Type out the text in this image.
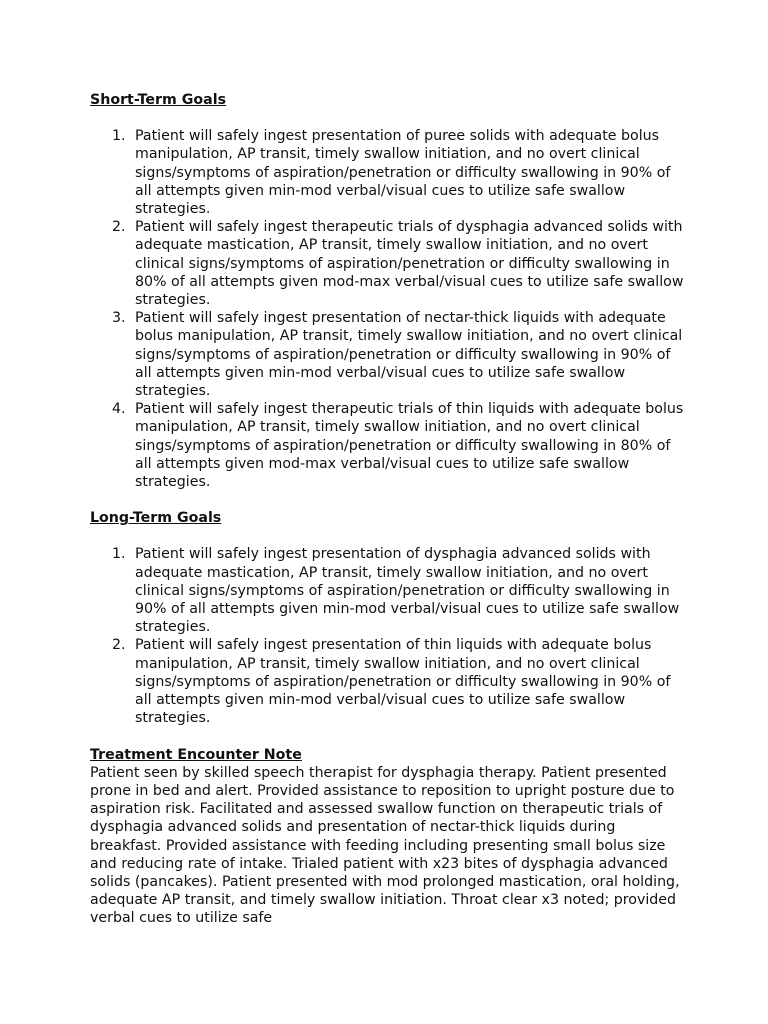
Short-Term Goals
1. Patient will safely ingest presentation of puree solids with adequate bolus manipulation, AP transit, timely swallow initiation, and no overt clinical signs/symptoms of aspiration/penetration or difficulty swallowing in 90% of all attempts given min-mod verbal/visual cues to utilize safe swallow strategies.
2. Patient will safely ingest therapeutic trials of dysphagia advanced solids with adequate mastication, AP transit, timely swallow initiation, and no overt clinical signs/symptoms of aspiration/penetration or difficulty swallowing in 80% of all attempts given mod-max verbal/visual cues to utilize safe swallow strategies.
3. Patient will safely ingest presentation of nectar-thick liquids with adequate bolus manipulation, AP transit, timely swallow initiation, and no overt clinical signs/symptoms of aspiration/penetration or difficulty swallowing in 90% of all attempts given min-mod verbal/visual cues to utilize safe swallow strategies.
4. Patient will safely ingest therapeutic trials of thin liquids with adequate bolus manipulation, AP transit, timely swallow initiation, and no overt clinical sings/symptoms of aspiration/penetration or difficulty swallowing in 80% of all attempts given mod-max verbal/visual cues to utilize safe swallow strategies.
Long-Term Goals
1. Patient will safely ingest presentation of dysphagia advanced solids with adequate mastication, AP transit, timely swallow initiation, and no overt clinical signs/symptoms of aspiration/penetration or difficulty swallowing in 90% of all attempts given min-mod verbal/visual cues to utilize safe swallow strategies.
2. Patient will safely ingest presentation of thin liquids with adequate bolus manipulation, AP transit, timely swallow initiation, and no overt clinical signs/symptoms of aspiration/penetration or difficulty swallowing in 90% of all attempts given min-mod verbal/visual cues to utilize safe swallow strategies.
Treatment Encounter Note

Patient seen by skilled speech therapist for dysphagia therapy. Patient presented prone in bed and alert. Provided assistance to reposition to upright posture due to aspiration risk. Facilitated and assessed swallow function on therapeutic trials of dysphagia advanced solids and presentation of nectar-thick liquids during breakfast. Provided assistance with feeding including presenting small bolus size and reducing rate of intake. Trialed patient with x23 bites of dysphagia advanced solids (pancakes). Patient presented with mod prolonged mastication, oral holding, adequate AP transit, and timely swallow initiation. Throat clear x3 noted; provided verbal cues to utilize safe
